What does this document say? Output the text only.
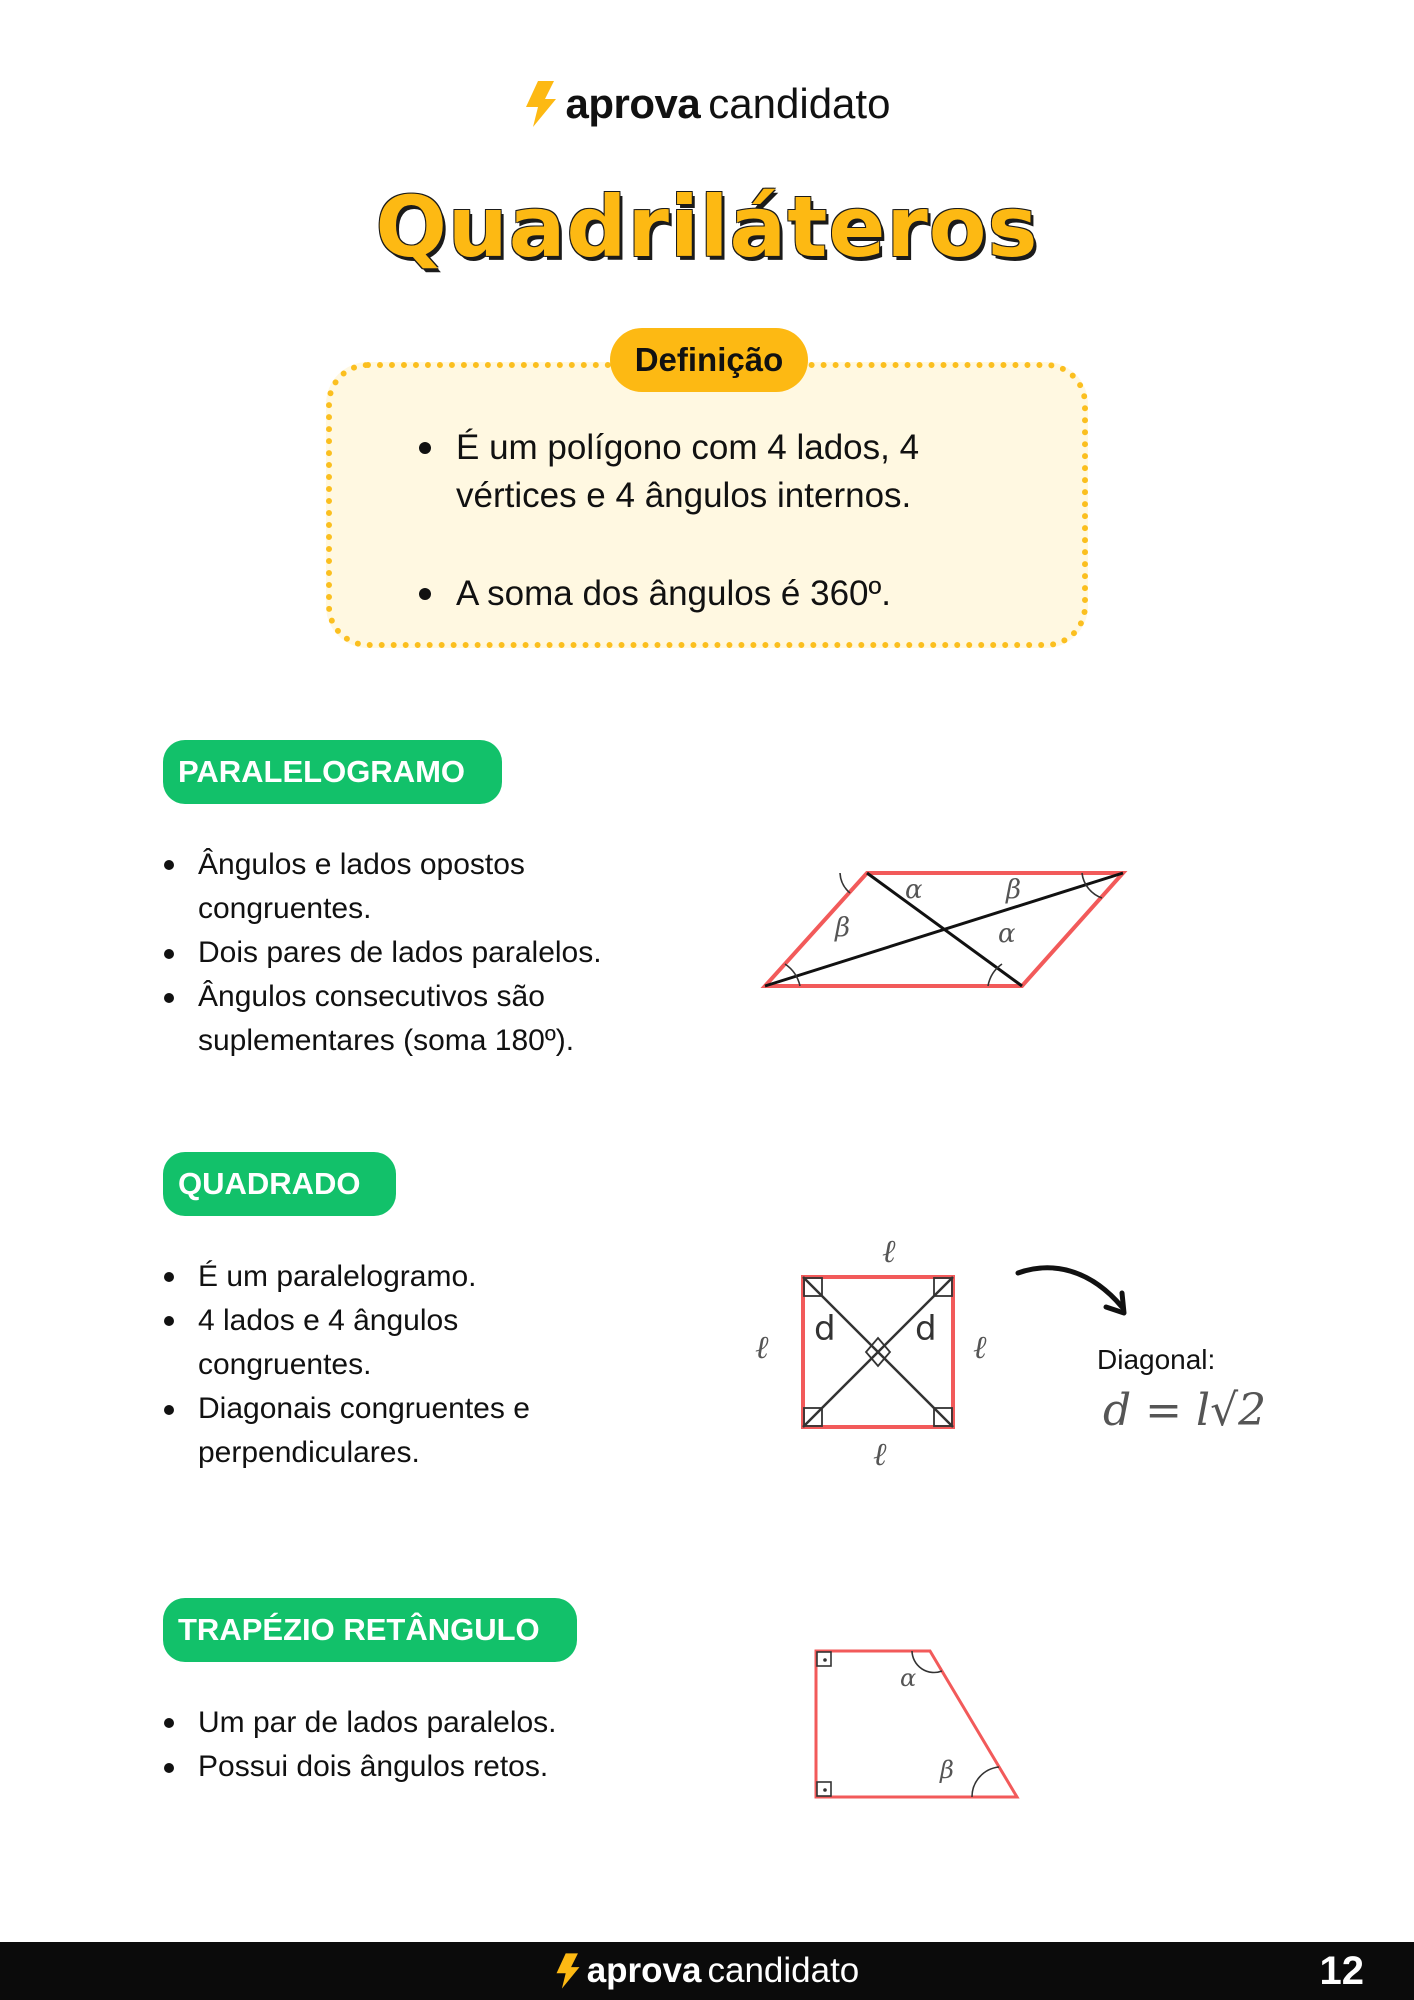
aprova candidato
Quadriláteros
Definição
É um polígono com 4 lados, 4
vértices e 4 ângulos internos.
A soma dos ângulos é 360º.
PARALELOGRAMO
Ângulos e lados opostos
congruentes.
Dois pares de lados paralelos.
Ângulos consecutivos são
suplementares (soma 180º).
α	β
β	α
QUADRADO
É um paralelogramo.
4 lados e 4 ângulos
congruentes.
Diagonais congruentes e
perpendiculares.
ℓ
ℓ	ℓ
ℓ
d d
Diagonal:
d = l√2
TRAPÉZIO RETÂNGULO
Um par de lados paralelos.
Possui dois ângulos retos.
α
β
aprova candidato	12
